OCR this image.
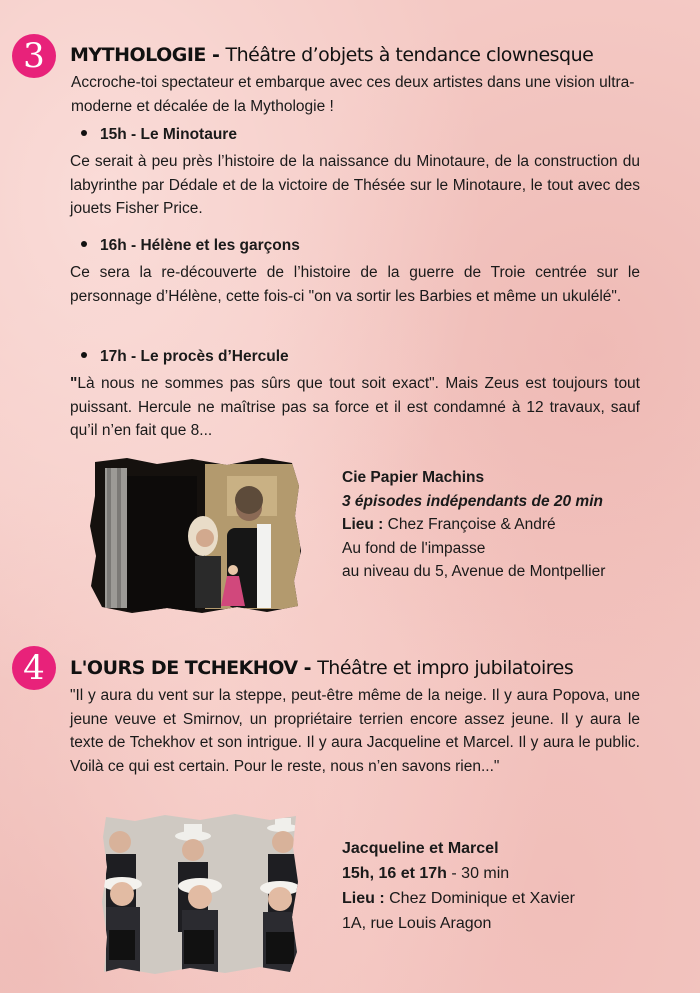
3	MYTHOLOGIE - Théâtre d’objets à tendance clownesque
Accroche-toi spectateur et embarque avec ces deux artistes dans une vision ultra-moderne et décalée de la Mythologie !
15h - Le Minotaure
Ce serait à peu près l’histoire de la naissance du Minotaure, de la construction du labyrinthe par Dédale et de la victoire de Thésée sur le Minotaure, le tout avec des jouets Fisher Price.
16h - Hélène et les garçons
Ce sera la re-découverte de l’histoire de la guerre de Troie centrée sur le personnage d’Hélène, cette fois-ci "on va sortir les Barbies et même un ukulélé".
17h - Le procès d’Hercule
"Là nous ne sommes pas sûrs que tout soit exact". Mais Zeus est toujours tout puissant. Hercule ne maîtrise pas sa force et il est condamné à 12 travaux, sauf qu’il n’en fait que 8...
Cie Papier Machins
3 épisodes indépendants de 20 min
Lieu : Chez Françoise & André
Au fond de l'impasse
au niveau du 5, Avenue de Montpellier
4	L'OURS DE TCHEKHOV - Théâtre et impro jubilatoires
"Il y aura du vent sur la steppe, peut-être même de la neige. Il y aura Popova, une jeune veuve et Smirnov, un propriétaire terrien encore assez jeune. Il y aura le texte de Tchekhov et son intrigue. Il y aura Jacqueline et Marcel. Il y aura le public. Voilà ce qui est certain. Pour le reste, nous n’en savons rien..."
Jacqueline et Marcel
15h, 16 et 17h - 30 min
Lieu : Chez Dominique et Xavier
1A, rue Louis Aragon
